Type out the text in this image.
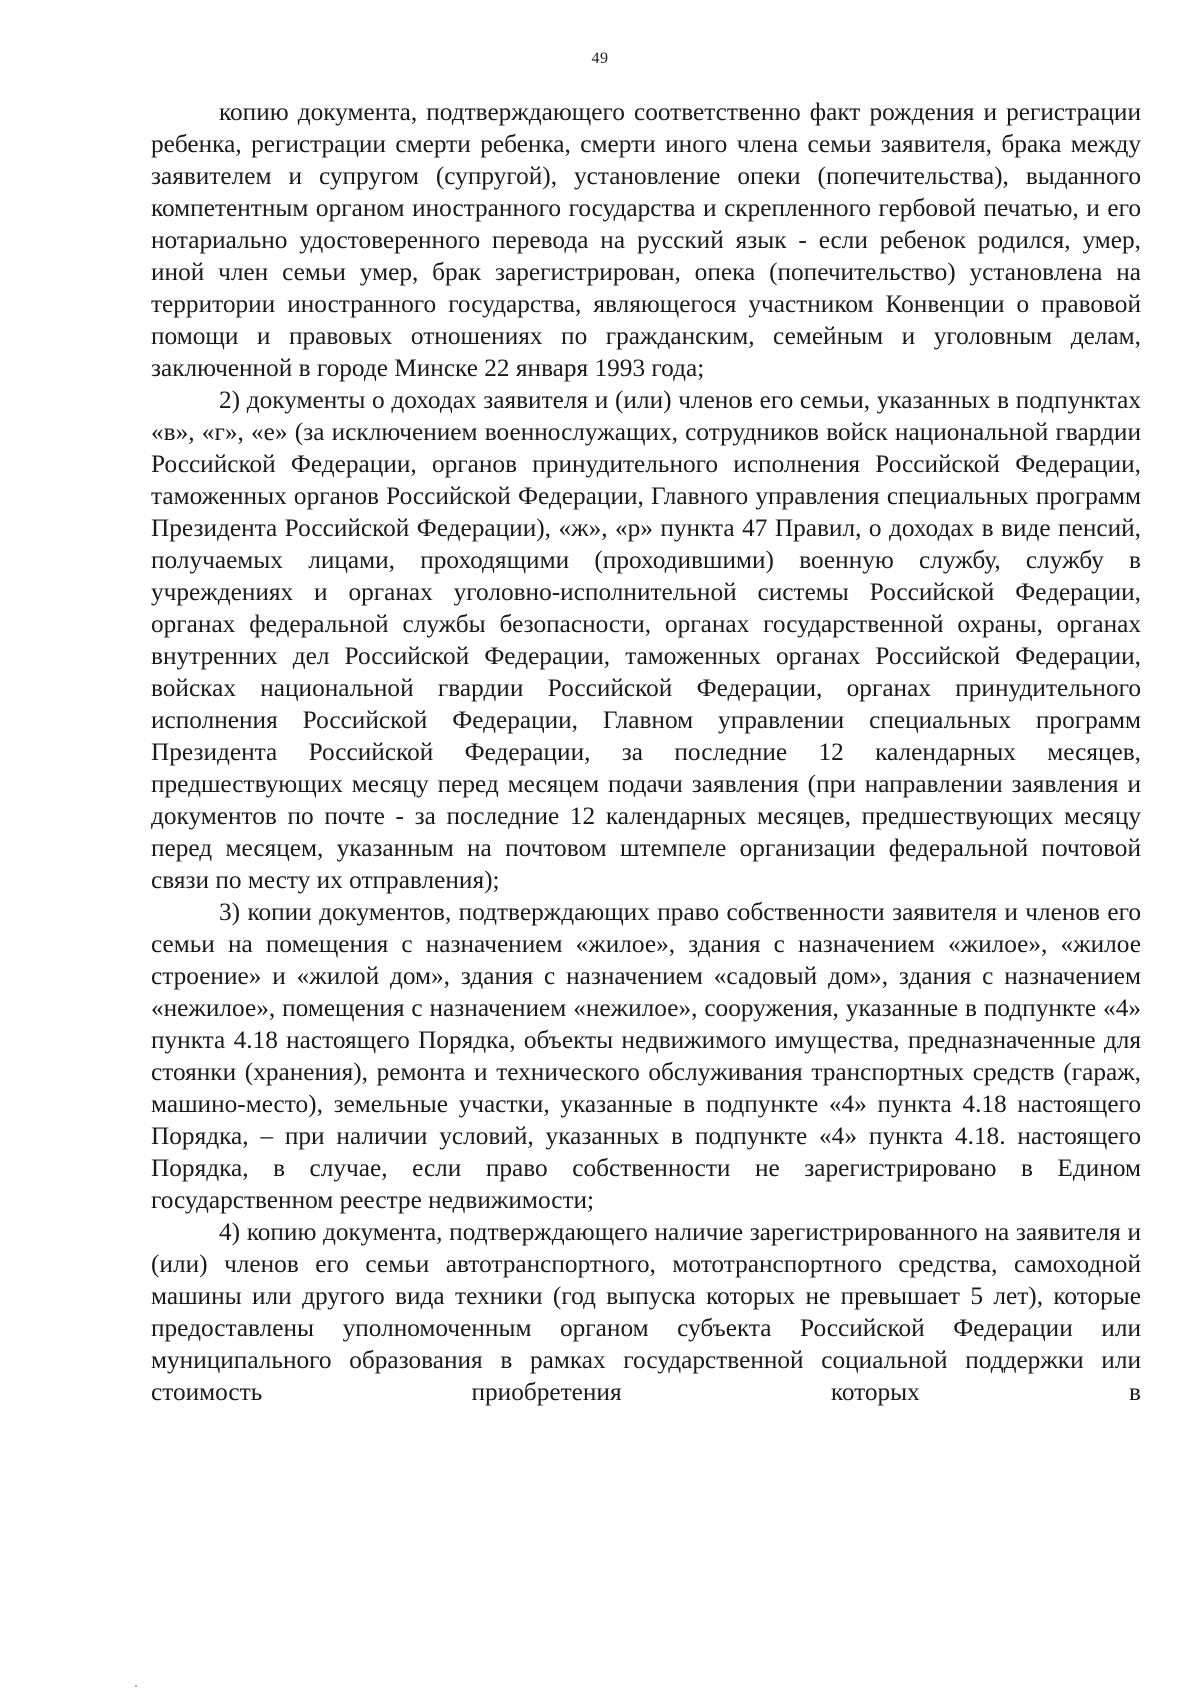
49

копию документа, подтверждающего соответственно факт рождения и регистрации ребенка, регистрации смерти ребенка, смерти иного члена семьи заявителя, брака между заявителем и супругом (супругой), установление опеки (попечительства), выданного компетентным органом иностранного государства и скрепленного гербовой печатью, и его нотариально удостоверенного перевода на русский язык - если ребенок родился, умер, иной член семьи умер, брак зарегистрирован, опека (попечительство) установлена на территории иностранного государства, являющегося участником Конвенции о правовой помощи и правовых отношениях по гражданским, семейным и уголовным делам, заключенной в городе Минске 22 января 1993 года;

2) документы о доходах заявителя и (или) членов его семьи, указанных в подпунктах «в», «г», «е» (за исключением военнослужащих, сотрудников войск национальной гвардии Российской Федерации, органов принудительного исполнения Российской Федерации, таможенных органов Российской Федерации, Главного управления специальных программ Президента Российской Федерации), «ж», «р» пункта 47 Правил, о доходах в виде пенсий, получаемых лицами, проходящими (проходившими) военную службу, службу в учреждениях и органах уголовно-исполнительной системы Российской Федерации, органах федеральной службы безопасности, органах государственной охраны, органах внутренних дел Российской Федерации, таможенных органах Российской Федерации, войсках национальной гвардии Российской Федерации, органах принудительного исполнения Российской Федерации, Главном управлении специальных программ Президента Российской Федерации, за последние 12 календарных месяцев, предшествующих месяцу перед месяцем подачи заявления (при направлении заявления и документов по почте - за последние 12 календарных месяцев, предшествующих месяцу перед месяцем, указанным на почтовом штемпеле организации федеральной почтовой связи по месту их отправления);

3) копии документов, подтверждающих право собственности заявителя и членов его семьи на помещения с назначением «жилое», здания с назначением «жилое», «жилое строение» и «жилой дом», здания с назначением «садовый дом», здания с назначением «нежилое», помещения с назначением «нежилое», сооружения, указанные в подпункте «4» пункта 4.18 настоящего Порядка, объекты недвижимого имущества, предназначенные для стоянки (хранения), ремонта и технического обслуживания транспортных средств (гараж, машино-место), земельные участки, указанные в подпункте «4» пункта 4.18 настоящего Порядка, – при наличии условий, указанных в подпункте «4» пункта 4.18. настоящего Порядка, в случае, если право собственности не зарегистрировано в Едином государственном реестре недвижимости;

4) копию документа, подтверждающего наличие зарегистрированного на заявителя и (или) членов его семьи автотранспортного, мототранспортного средства, самоходной машины или другого вида техники (год выпуска которых не превышает 5 лет), которые предоставлены уполномоченным органом субъекта Российской Федерации или муниципального образования в рамках государственной социальной поддержки или стоимость приобретения которых в
